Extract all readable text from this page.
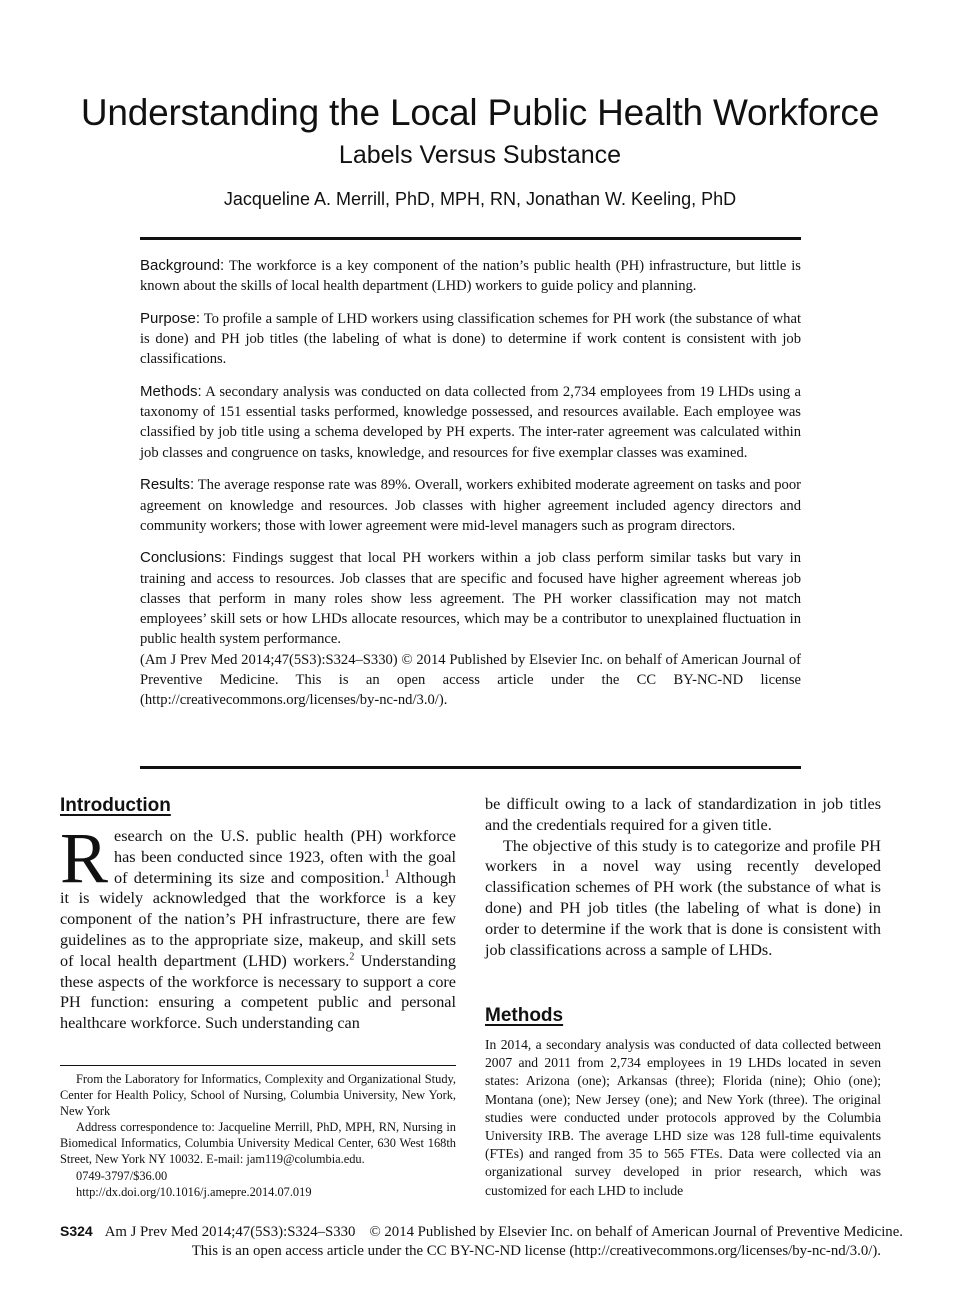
Understanding the Local Public Health Workforce
Labels Versus Substance
Jacqueline A. Merrill, PhD, MPH, RN, Jonathan W. Keeling, PhD

Background: The workforce is a key component of the nation’s public health (PH) infrastructure, but little is known about the skills of local health department (LHD) workers to guide policy and planning.

Purpose: To profile a sample of LHD workers using classification schemes for PH work (the substance of what is done) and PH job titles (the labeling of what is done) to determine if work content is consistent with job classifications.

Methods: A secondary analysis was conducted on data collected from 2,734 employees from 19 LHDs using a taxonomy of 151 essential tasks performed, knowledge possessed, and resources available. Each employee was classified by job title using a schema developed by PH experts. The inter-rater agreement was calculated within job classes and congruence on tasks, knowledge, and resources for five exemplar classes was examined.

Results: The average response rate was 89%. Overall, workers exhibited moderate agreement on tasks and poor agreement on knowledge and resources. Job classes with higher agreement included agency directors and community workers; those with lower agreement were mid-level managers such as program directors.

Conclusions: Findings suggest that local PH workers within a job class perform similar tasks but vary in training and access to resources. Job classes that are specific and focused have higher agreement whereas job classes that perform in many roles show less agreement. The PH worker classification may not match employees’ skill sets or how LHDs allocate resources, which may be a contributor to unexplained fluctuation in public health system performance.

(Am J Prev Med 2014;47(5S3):S324–S330) © 2014 Published by Elsevier Inc. on behalf of American Journal of Preventive Medicine. This is an open access article under the CC BY-NC-ND license (http://creativecommons.org/licenses/by-nc-nd/3.0/).

Introduction

Research on the U.S. public health (PH) workforce has been conducted since 1923, often with the goal of determining its size and composition.$^1$ Although it is widely acknowledged that the workforce is a key component of the nation’s PH infrastructure, there are few guidelines as to the appropriate size, makeup, and skill sets of local health department (LHD) workers.$^2$ Understanding these aspects of the workforce is necessary to support a core PH function: ensuring a competent public and personal healthcare workforce. Such understanding can

be difficult owing to a lack of standardization in job titles and the credentials required for a given title.

The objective of this study is to categorize and profile PH workers in a novel way using recently developed classification schemes of PH work (the substance of what is done) and PH job titles (the labeling of what is done) in order to determine if the work that is done is consistent with job classifications across a sample of LHDs.

Methods

In 2014, a secondary analysis was conducted of data collected between 2007 and 2011 from 2,734 employees in 19 LHDs located in seven states: Arizona (one); Arkansas (three); Florida (nine); Ohio (one); Montana (one); New Jersey (one); and New York (three). The original studies were conducted under protocols approved by the Columbia University IRB. The average LHD size was 128 full-time equivalents (FTEs) and ranged from 35 to 565 FTEs. Data were collected via an organizational survey developed in prior research, which was customized for each LHD to include

From the Laboratory for Informatics, Complexity and Organizational Study, Center for Health Policy, School of Nursing, Columbia University, New York, New York

Address correspondence to: Jacqueline Merrill, PhD, MPH, RN, Nursing in Biomedical Informatics, Columbia University Medical Center, 630 West 168th Street, New York NY 10032. E-mail: jam119@columbia.edu.

0749-3797/$36.00

http://dx.doi.org/10.1016/j.amepre.2014.07.019

S324 Am J Prev Med 2014;47(5S3):S324–S330 © 2014 Published by Elsevier Inc. on behalf of American Journal of Preventive Medicine.
This is an open access article under the CC BY-NC-ND license (http://creativecommons.org/licenses/by-nc-nd/3.0/).
